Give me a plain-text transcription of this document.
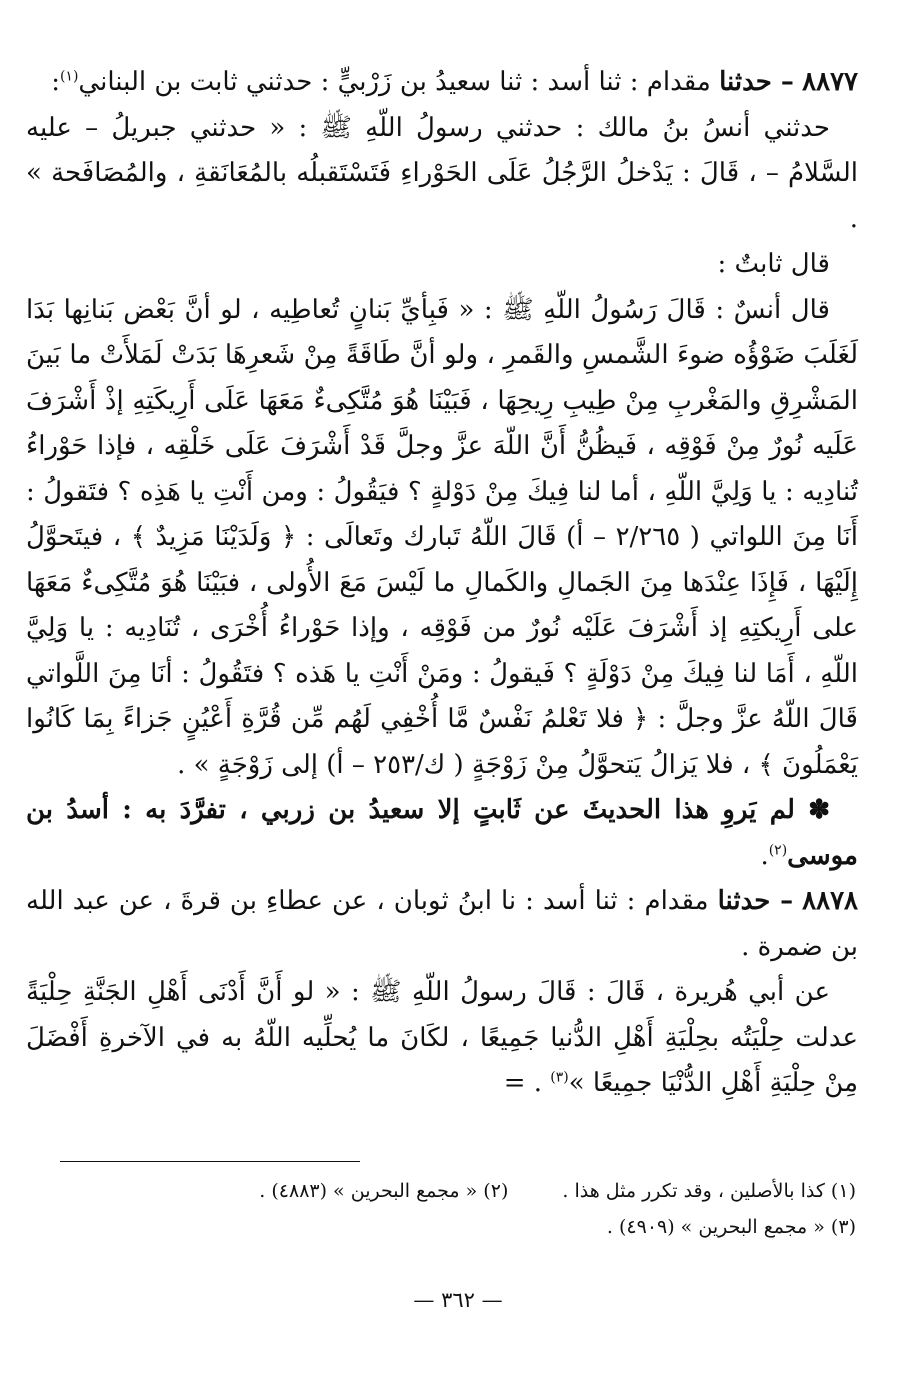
٨٨٧٧ – حدثنا مقدام : ثنا أسد : ثنا سعيدُ بن زَرْبيٍّ : حدثني ثابت بن البناني$^{(١)}$:

حدثني أنسُ بنُ مالك : حدثني رسولُ اللّهِ ﷺ : « حدثني جبريلُ – عليه السَّلامُ – ، قَالَ : يَدْخلُ الرَّجُلُ عَلَى الحَوْراءِ فَتَسْتَقبلُه بالمُعَانَقةِ ، والمُصَافَحة » .

قال ثابتٌ :

قال أنسٌ : قَالَ رَسُولُ اللّهِ ﷺ : « فَبِأيِّ بَنانٍ تُعاطِيه ، لو أنَّ بَعْض بَنانِها بَدَا لَغَلَبَ ضَوْؤُه ضوءَ الشَّمسِ والقَمرِ ، ولو أنَّ طَاقَةً مِنْ شَعرِهَا بَدَتْ لَمَلأَتْ ما بَينَ المَشْرِقِ والمَغْربِ مِنْ طِيبِ رِيحِهَا ، فَبَيْنَا هُوَ مُتَّكِىءٌ مَعَهَا عَلَى أَرِيكَتِهِ إذْ أَشْرَفَ عَلَيه نُورٌ مِنْ فَوْقِه ، فَيظُنُّ أَنَّ اللّهَ عزَّ وجلَّ قَدْ أَشْرَفَ عَلَى خَلْقِه ، فإذا حَوْراءُ تُنادِيه : يا وَلِيَّ اللّهِ ، أما لنا فِيكَ مِنْ دَوْلةٍ ؟ فيَقُولُ : ومن أَنْتِ يا هَذِه ؟ فتَقولُ : أَنَا مِنَ اللواتي ( ٢/٢٦٥ – أ) قَالَ اللّهُ تَبارك وتَعالَى : ﴿ وَلَدَيْنَا مَزِيدٌ ﴾ ، فيتَحوَّلُ إِلَيْهَا ، فَإِذَا عِنْدَها مِنَ الجَمالِ والكَمالِ ما لَيْسَ مَعَ الأُولى ، فبَيْنَا هُوَ مُتَّكِىءٌ مَعَهَا على أَرِيكتِهِ إذ أَشْرَفَ عَلَيْه نُورٌ من فَوْقِه ، وإذا حَوْراءُ أُخْرَى ، تُنَادِيه : يا وَلِيَّ اللّهِ ، أَمَا لنا فِيكَ مِنْ دَوْلَةٍ ؟ فَيقولُ : ومَنْ أَنْتِ يا هَذه ؟ فتَقُولُ : أنَا مِنَ اللَّواتي قَالَ اللّهُ عزَّ وجلَّ : ﴿ فلا تَعْلمُ نَفْسٌ مَّا أُخْفِي لَهُم مِّن قُرَّةِ أَعْيُنٍ جَزاءً بِمَا كَانُوا يَعْمَلُونَ ﴾ ، فلا يَزالُ يَتحوَّلُ مِنْ زَوْجَةٍ ( ك/٢٥٣ – أ) إلى زَوْجَةٍ » .

✽ لم يَروِ هذا الحديثَ عن ثَابتٍ إلا سعيدُ بن زربي ، تفرَّدَ به : أسدُ بن موسى$^{(٢)}$.

٨٨٧٨ – حدثنا مقدام : ثنا أسد : نا ابنُ ثوبان ، عن عطاءِ بن قرةَ ، عن عبد الله بن ضمرة .

عن أبي هُريرة ، قَالَ : قَالَ رسولُ اللّهِ ﷺ : « لو أَنَّ أَدْنَى أَهْلِ الجَنَّةِ حِلْيَةً عدلت حِلْيَتُه بحِلْيَةِ أَهْلِ الدُّنيا جَمِيعًا ، لكَانَ ما يُحلِّيه اللّهُ به في الآخرةِ أَفْضَلَ مِنْ حِلْيَةِ أَهْلِ الدُّنْيَا جمِيعًا »$^{(٣)}$ . =

(١) كذا بالأصلين ، وقد تكرر مثل هذا .
(٢) « مجمع البحرين » (٤٨٨٣) .
(٣) « مجمع البحرين » (٤٩٠٩) .
— ٣٦٢ —
